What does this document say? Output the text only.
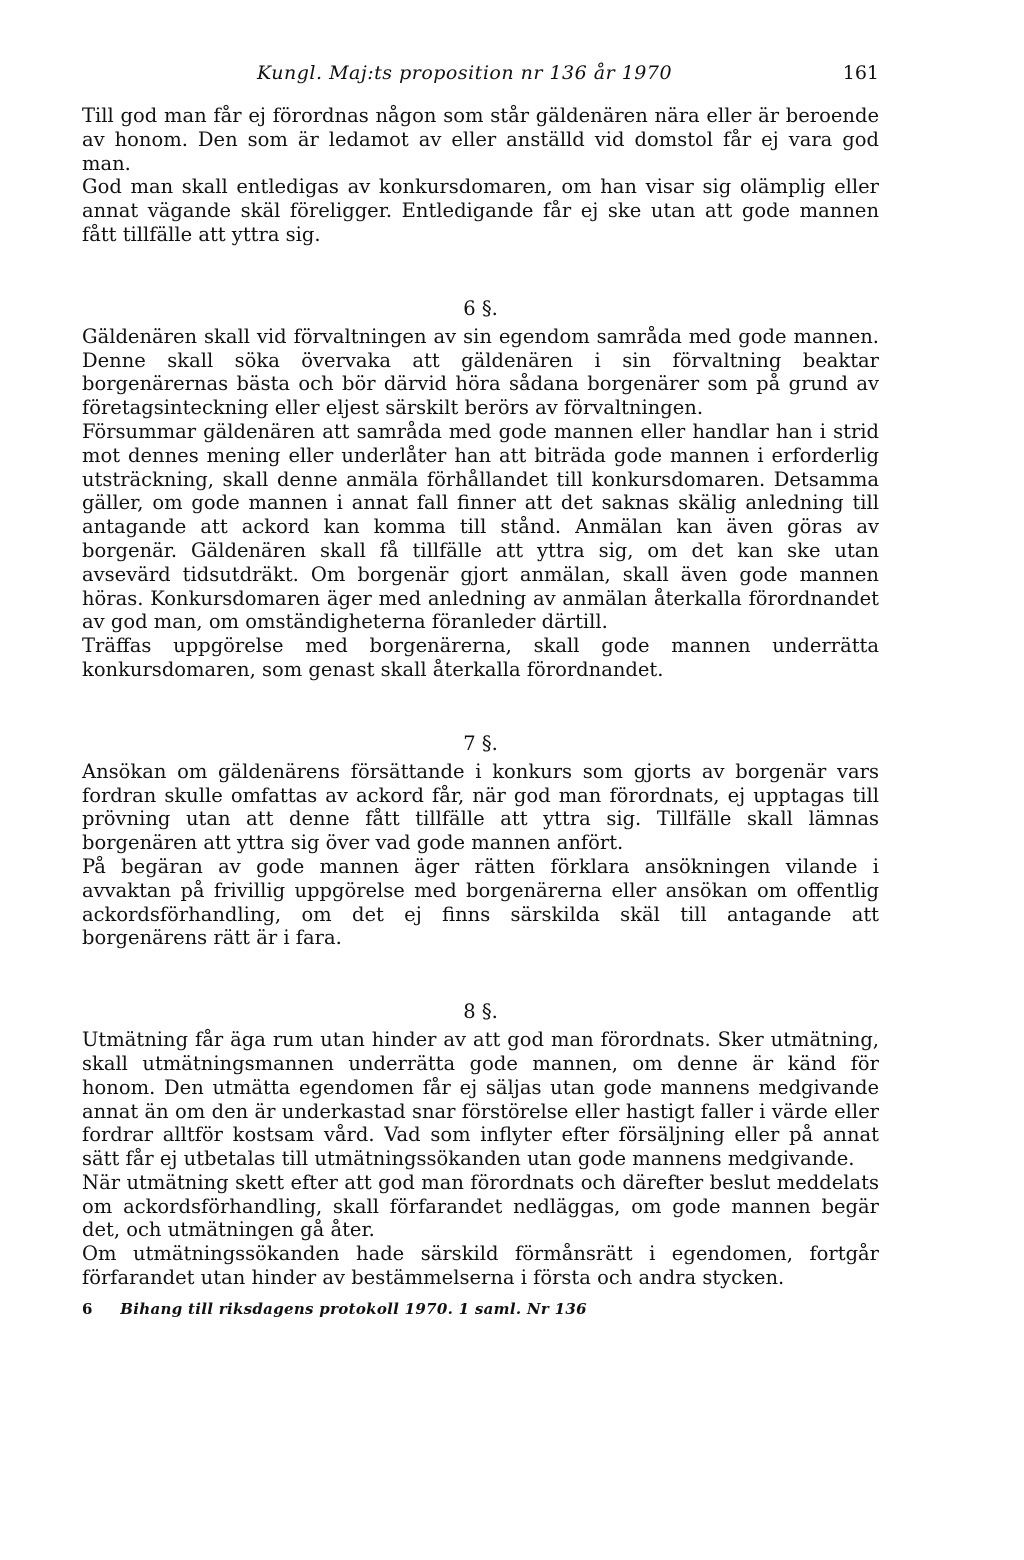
Kungl. Maj:ts proposition nr 136 år 1970	161

Till god man får ej förordnas någon som står gäldenären nära eller är beroende av honom. Den som är ledamot av eller anställd vid domstol får ej vara god man.

God man skall entledigas av konkursdomaren, om han visar sig olämplig eller annat vägande skäl föreligger. Entledigande får ej ske utan att gode mannen fått tillfälle att yttra sig.

6 §.

Gäldenären skall vid förvaltningen av sin egendom samråda med gode mannen. Denne skall söka övervaka att gäldenären i sin förvaltning beaktar borgenärernas bästa och bör därvid höra sådana borgenärer som på grund av företagsinteckning eller eljest särskilt berörs av förvaltningen.

Försummar gäldenären att samråda med gode mannen eller handlar han i strid mot dennes mening eller underlåter han att biträda gode mannen i erforderlig utsträckning, skall denne anmäla förhållandet till konkursdomaren. Detsamma gäller, om gode mannen i annat fall finner att det saknas skälig anledning till antagande att ackord kan komma till stånd. Anmälan kan även göras av borgenär. Gäldenären skall få tillfälle att yttra sig, om det kan ske utan avsevärd tidsutdräkt. Om borgenär gjort anmälan, skall även gode mannen höras. Konkursdomaren äger med anledning av anmälan återkalla förordnandet av god man, om omständigheterna föranleder därtill.

Träffas uppgörelse med borgenärerna, skall gode mannen underrätta konkursdomaren, som genast skall återkalla förordnandet.

7 §.

Ansökan om gäldenärens försättande i konkurs som gjorts av borgenär vars fordran skulle omfattas av ackord får, när god man förordnats, ej upptagas till prövning utan att denne fått tillfälle att yttra sig. Tillfälle skall lämnas borgenären att yttra sig över vad gode mannen anfört.

På begäran av gode mannen äger rätten förklara ansökningen vilande i avvaktan på frivillig uppgörelse med borgenärerna eller ansökan om offentlig ackordsförhandling, om det ej finns särskilda skäl till antagande att borgenärens rätt är i fara.

8 §.

Utmätning får äga rum utan hinder av att god man förordnats. Sker utmätning, skall utmätningsmannen underrätta gode mannen, om denne är känd för honom. Den utmätta egendomen får ej säljas utan gode mannens medgivande annat än om den är underkastad snar förstörelse eller hastigt faller i värde eller fordrar alltför kostsam vård. Vad som inflyter efter försäljning eller på annat sätt får ej utbetalas till utmätningssökanden utan gode mannens medgivande.

När utmätning skett efter att god man förordnats och därefter beslut meddelats om ackordsförhandling, skall förfarandet nedläggas, om gode mannen begär det, och utmätningen gå åter.

Om utmätningssökanden hade särskild förmånsrätt i egendomen, fortgår förfarandet utan hinder av bestämmelserna i första och andra stycken.

6 Bihang till riksdagens protokoll 1970. 1 saml. Nr 136
